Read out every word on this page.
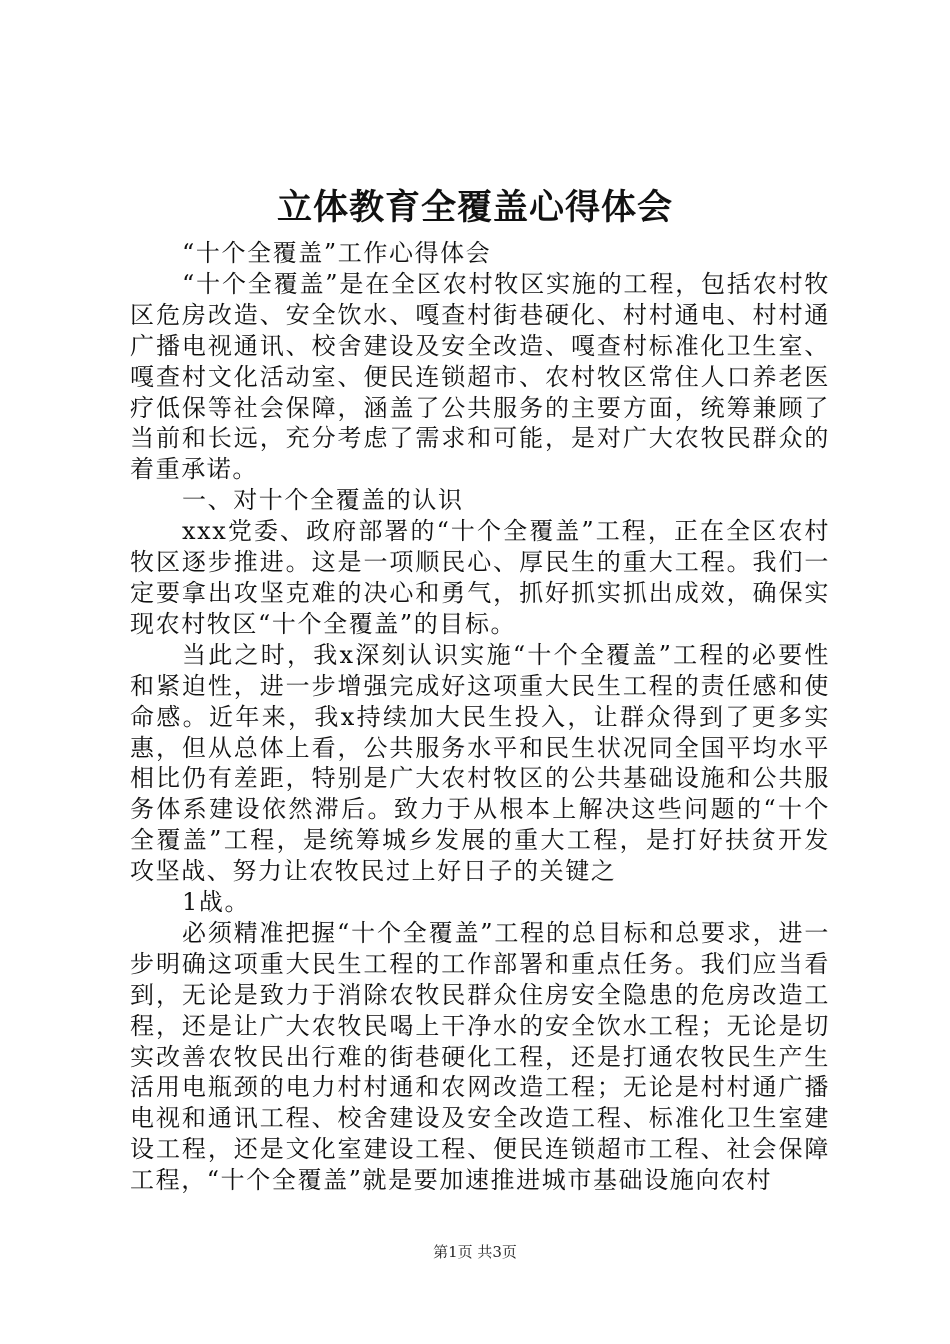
立体教育全覆盖心得体会

“十个全覆盖”工作心得体会

“十个全覆盖”是在全区农村牧区实施的工程，包括农村牧区危房改造、安全饮水、嘎查村街巷硬化、村村通电、村村通广播电视通讯、校舍建设及安全改造、嘎查村标准化卫生室、嘎查村文化活动室、便民连锁超市、农村牧区常住人口养老医疗低保等社会保障，涵盖了公共服务的主要方面，统筹兼顾了当前和长远，充分考虑了需求和可能，是对广大农牧民群众的着重承诺。

一、对十个全覆盖的认识

xxx党委、政府部署的“十个全覆盖”工程，正在全区农村牧区逐步推进。这是一项顺民心、厚民生的重大工程。我们一定要拿出攻坚克难的决心和勇气，抓好抓实抓出成效，确保实现农村牧区“十个全覆盖”的目标。

当此之时，我x深刻认识实施“十个全覆盖”工程的必要性和紧迫性，进一步增强完成好这项重大民生工程的责任感和使命感。近年来，我x持续加大民生投入，让群众得到了更多实惠，但从总体上看，公共服务水平和民生状况同全国平均水平相比仍有差距，特别是广大农村牧区的公共基础设施和公共服务体系建设依然滞后。致力于从根本上解决这些问题的“十个全覆盖”工程，是统筹城乡发展的重大工程，是打好扶贫开发攻坚战、努力让农牧民过上好日子的关键之

1战。

必须精准把握“十个全覆盖”工程的总目标和总要求，进一步明确这项重大民生工程的工作部署和重点任务。我们应当看到，无论是致力于消除农牧民群众住房安全隐患的危房改造工程，还是让广大农牧民喝上干净水的安全饮水工程；无论是切实改善农牧民出行难的街巷硬化工程，还是打通农牧民生产生活用电瓶颈的电力村村通和农网改造工程；无论是村村通广播电视和通讯工程、校舍建设及安全改造工程、标准化卫生室建设工程，还是文化室建设工程、便民连锁超市工程、社会保障工程，“十个全覆盖”就是要加速推进城市基础设施向农村

第1页 共3页
